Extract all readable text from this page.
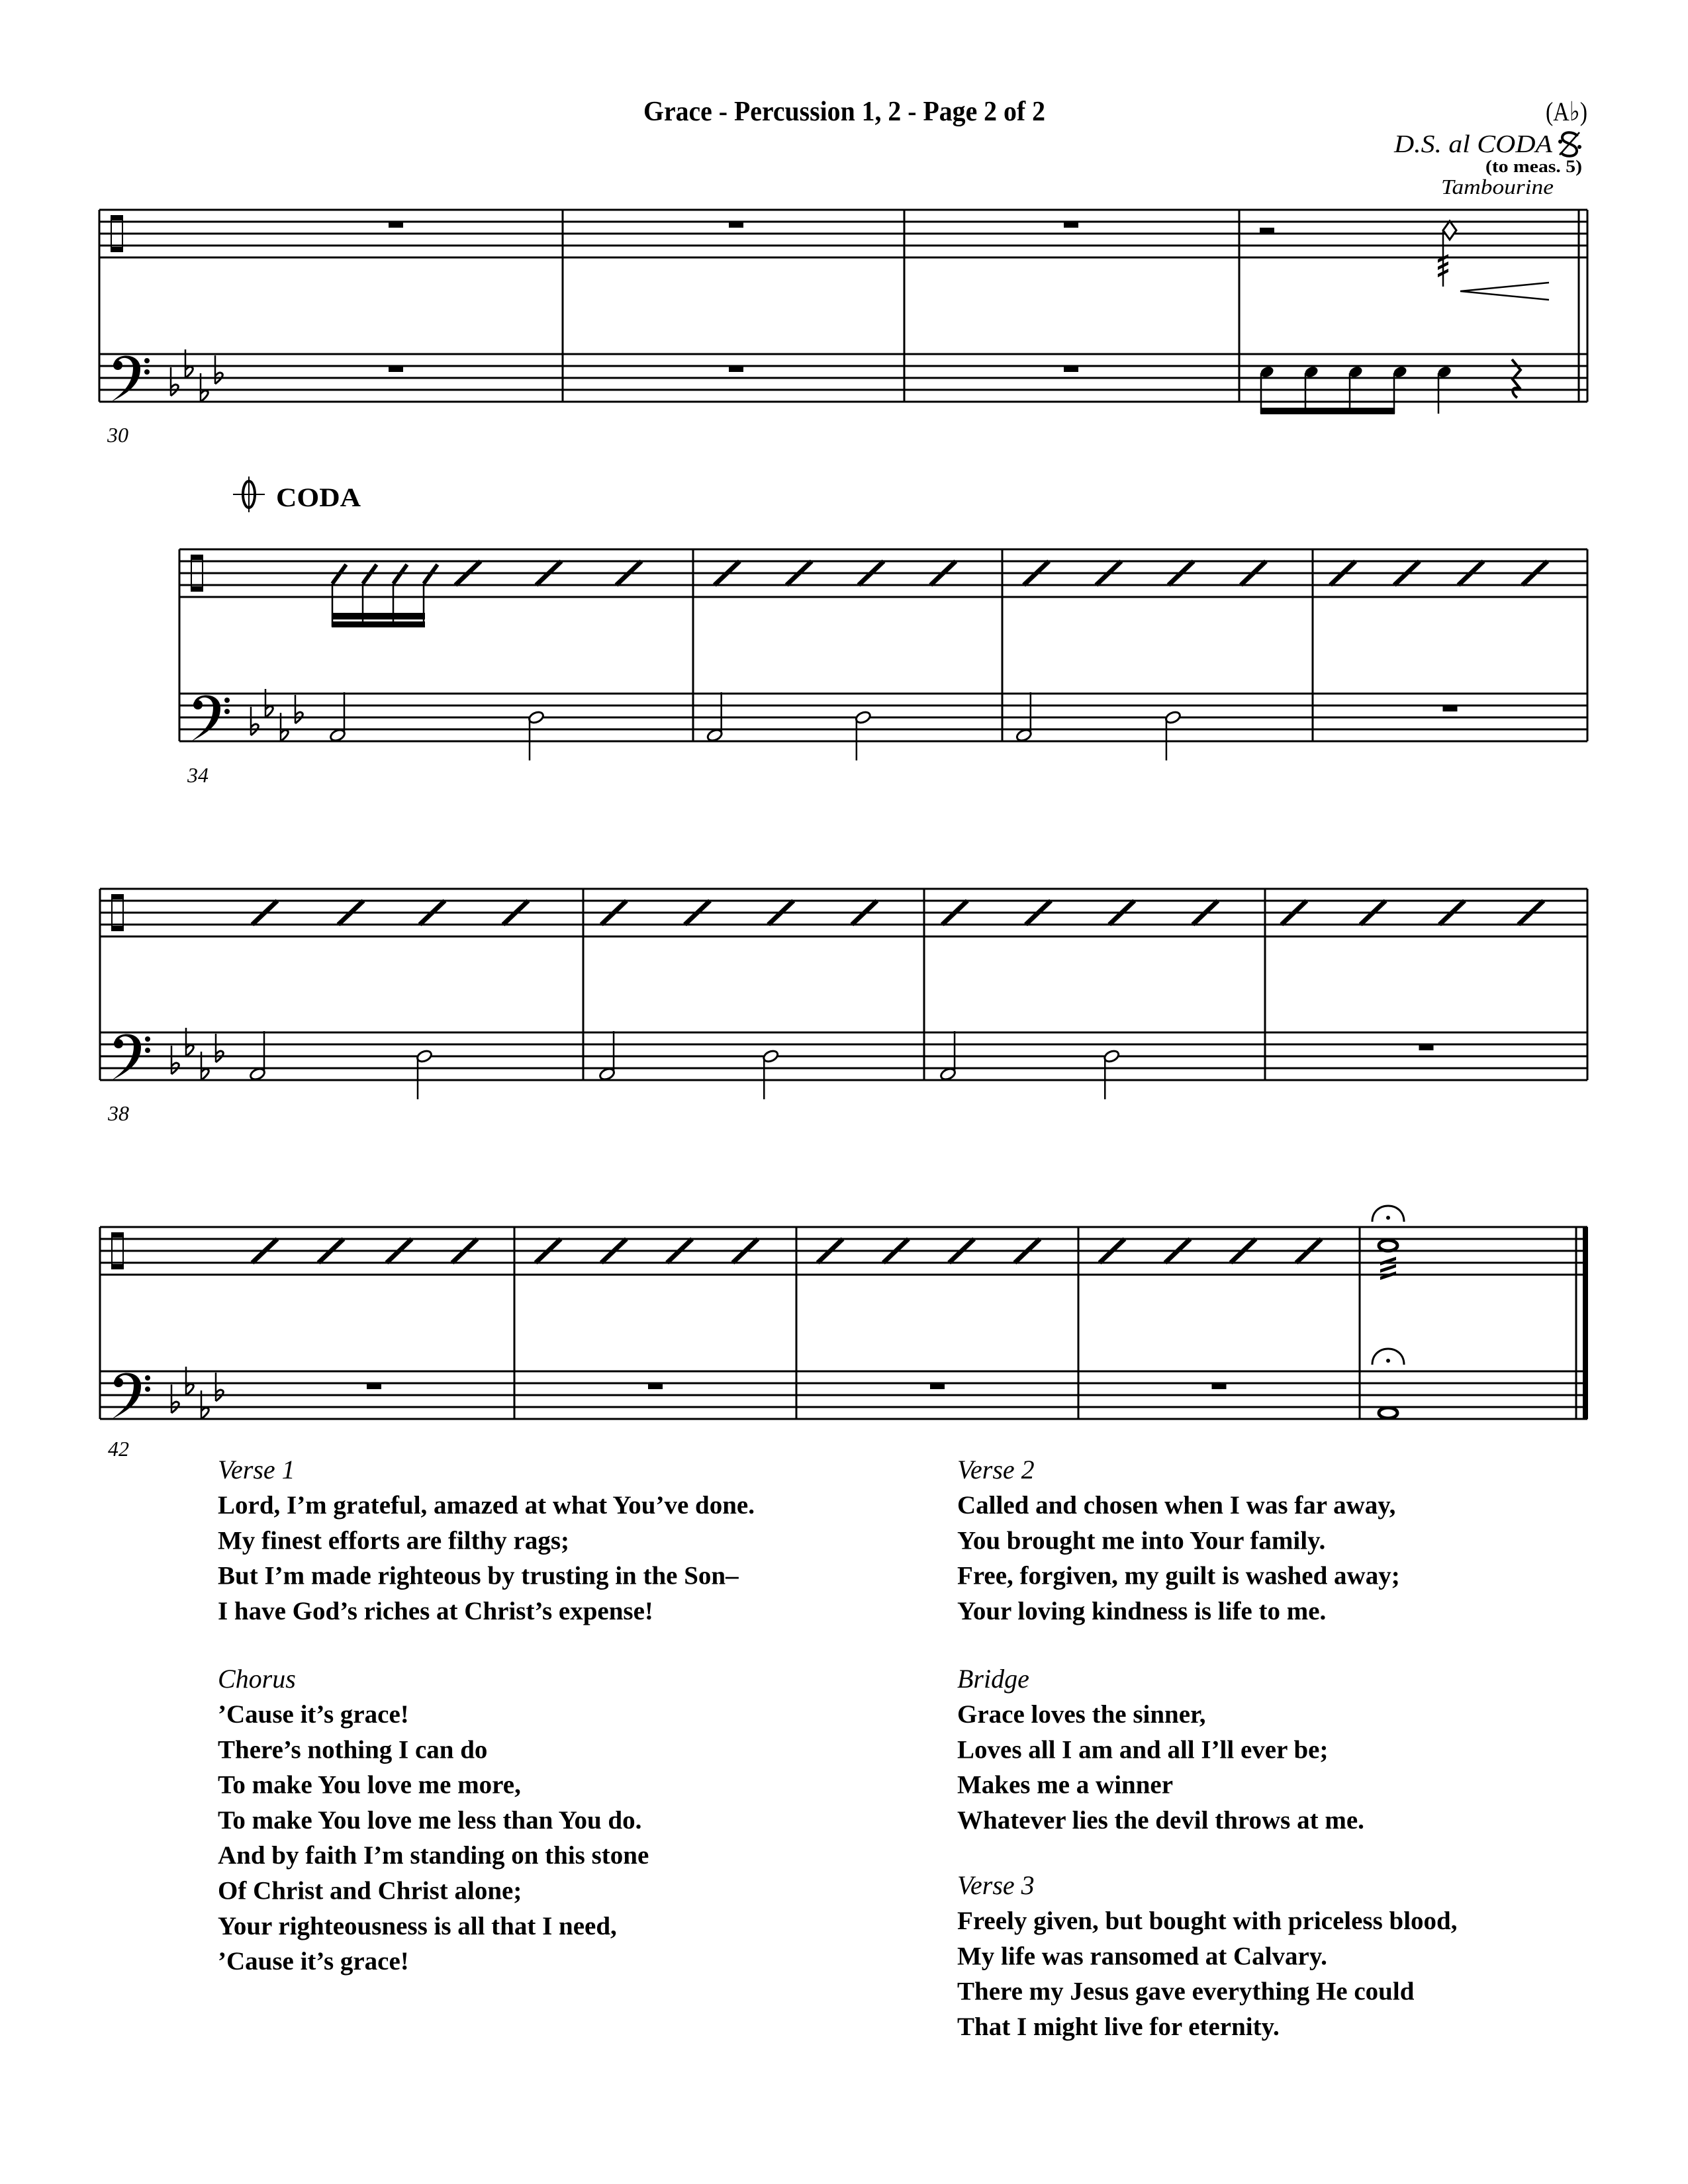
Grace - Percussion 1, 2 - Page 2 of 2	(A♭)
D.S. al CODA
(to meas. 5)
Tambourine
CODA
30
34
38
42
Verse 1
Lord, I’m grateful, amazed at what You’ve done.
My finest efforts are filthy rags;
But I’m made righteous by trusting in the Son–
I have God’s riches at Christ’s expense!
Chorus
’Cause it’s grace!
There’s nothing I can do
To make You love me more,
To make You love me less than You do.
And by faith I’m standing on this stone
Of Christ and Christ alone;
Your righteousness is all that I need,
’Cause it’s grace!
Verse 2
Called and chosen when I was far away,
You brought me into Your family.
Free, forgiven, my guilt is washed away;
Your loving kindness is life to me.
Bridge
Grace loves the sinner,
Loves all I am and all I’ll ever be;
Makes me a winner
Whatever lies the devil throws at me.
Verse 3
Freely given, but bought with priceless blood,
My life was ransomed at Calvary.
There my Jesus gave everything He could
That I might live for eternity.
